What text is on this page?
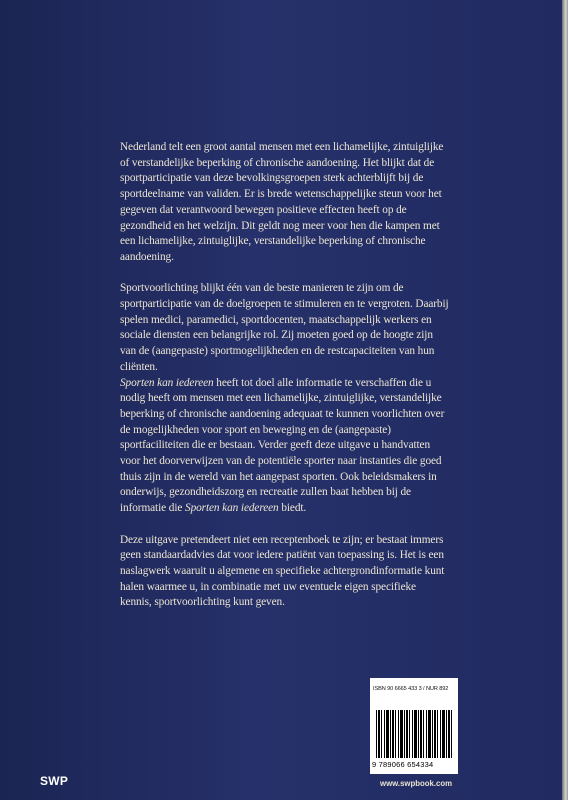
Nederland telt een groot aantal mensen met een lichamelijke, zintuiglijke of verstandelijke beperking of chronische aandoening. Het blijkt dat de sportparticipatie van deze bevolkingsgroepen sterk achterblijft bij de sportdeelname van validen. Er is brede wetenschappelijke steun voor het gegeven dat verantwoord bewegen positieve effecten heeft op de gezondheid en het welzijn. Dit geldt nog meer voor hen die kampen met een lichamelijke, zintuiglijke, verstandelijke beperking of chronische aandoening.

Sportvoorlichting blijkt één van de beste manieren te zijn om de sportparticipatie van de doelgroepen te stimuleren en te vergroten. Daarbij spelen medici, paramedici, sportdocenten, maatschappelijk werkers en sociale diensten een belangrijke rol. Zij moeten goed op de hoogte zijn van de (aangepaste) sportmogelijkheden en de restcapaciteiten van hun cliënten.

Sporten kan iedereen heeft tot doel alle informatie te verschaffen die u nodig heeft om mensen met een lichamelijke, zintuiglijke, verstandelijke beperking of chronische aandoening adequaat te kunnen voorlichten over de mogelijkheden voor sport en beweging en de (aangepaste) sportfaciliteiten die er bestaan. Verder geeft deze uitgave u handvatten voor het doorverwijzen van de potentiële sporter naar instanties die goed thuis zijn in de wereld van het aangepast sporten. Ook beleidsmakers in onderwijs, gezondheidszorg en recreatie zullen baat hebben bij de informatie die Sporten kan iedereen biedt.

Deze uitgave pretendeert niet een receptenboek te zijn; er bestaat immers geen standaardadvies dat voor iedere patiënt van toepassing is. Het is een naslagwerk waaruit u algemene en specifieke achtergrondinformatie kunt halen waarmee u, in combinatie met uw eventuele eigen specifieke kennis, sportvoorlichting kunt geven.

ISBN 90 6665 433 3 / NUR 892
9 789066 654334
www.swpbook.com
SWP
